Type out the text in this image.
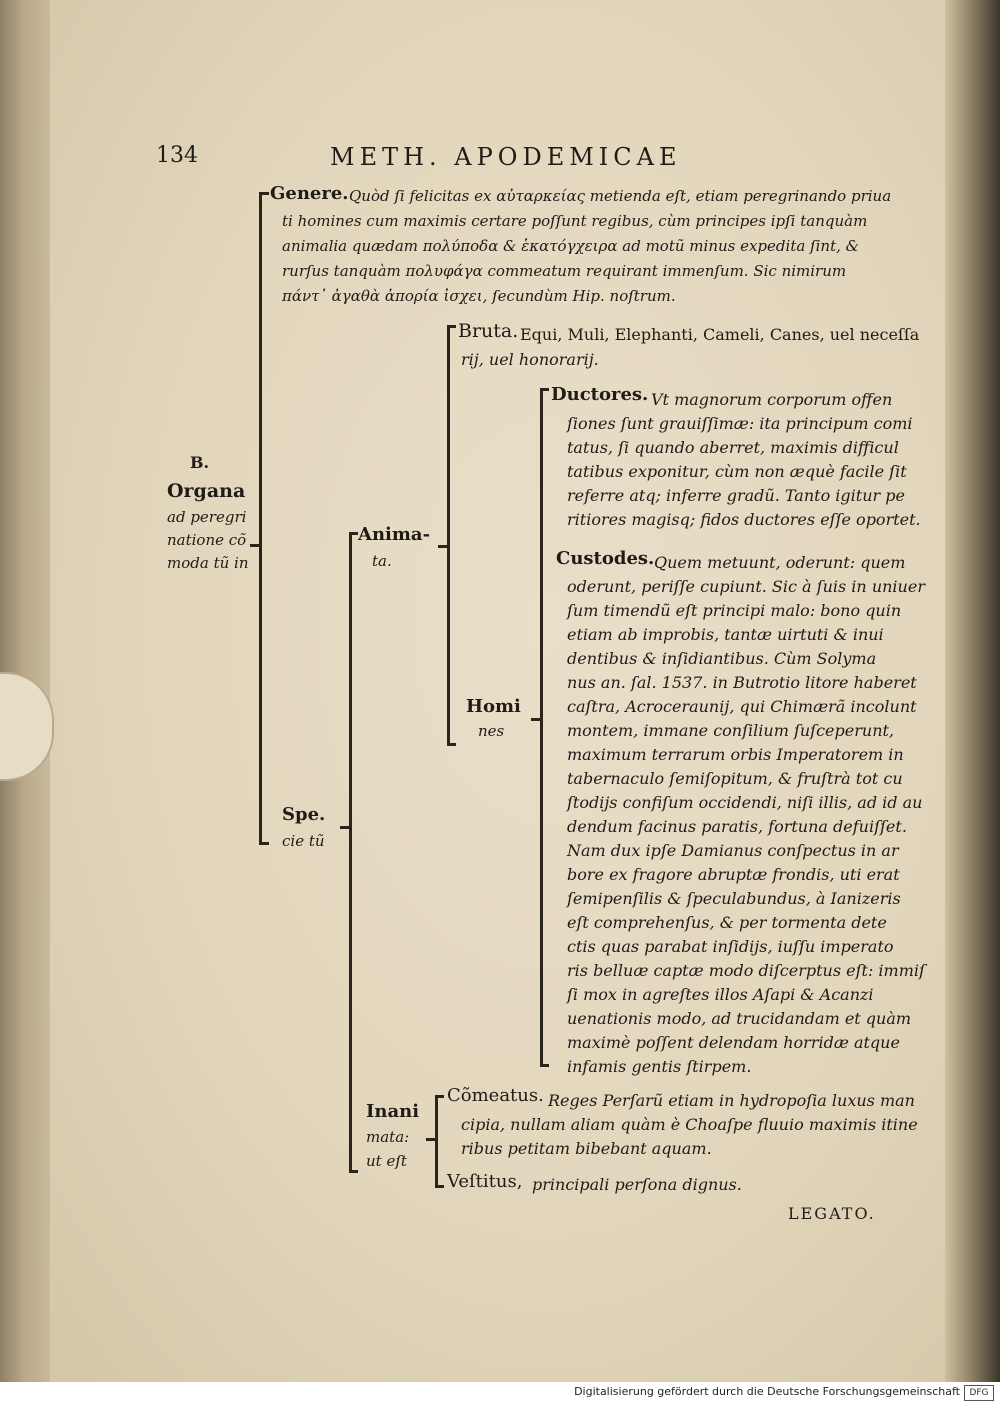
134	METH. APODEMICAE
B.
Organa
ad peregri
natione cõ
moda tũ in
Genere. Quòd ſi felicitas ex αὐταρκείας metienda eſt, etiam peregrinando priua
ti homines cum maximis certare poſſunt regibus, cùm principes ipſi tanquàm
animalia quædam πολύποδα & ἑκατόγχειρα ad motũ minus expedita ſint, &
rurſus tanquàm πολυφάγα commeatum requirant immenſum. Sic nimirum
πάντ᾽ ἀγαθὰ ἀπορία ἰσχει, ſecundùm Hip. noſtrum.
Spe.
cie tũ
Anima-
ta.
Bruta. Equi, Muli, Elephanti, Cameli, Canes, uel neceſſa
rij, uel honorarij.
Homi
nes
Ductores. Vt magnorum corporum offen
ſiones ſunt grauiſſimæ: ita principum comi
tatus, ſi quando aberret, maximis difficul
tatibus exponitur, cùm non æquè facile ſit
referre atq; inferre gradũ. Tanto igitur pe
ritiores magisq; fidos ductores eſſe oportet.
Custodes. Quem metuunt, oderunt: quem
oderunt, periſſe cupiunt. Sic à ſuis in uniuer
ſum timendũ eſt principi malo: bono quin
etiam ab improbis, tantæ uirtuti & inui
dentibus & inſidiantibus. Cùm Solyma
nus an. ſal. 1537. in Butrotio litore haberet
caſtra, Acroceraunij, qui Chimærã incolunt
montem, immane conſilium ſuſceperunt,
maximum terrarum orbis Imperatorem in
tabernaculo ſemiſopitum, & fruſtrà tot cu
ſtodijs confiſum occidendi, niſi illis, ad id au
dendum facinus paratis, fortuna defuiſſet.
Nam dux ipſe Damianus conſpectus in ar
bore ex fragore abruptæ frondis, uti erat
ſemipenſilis & ſpeculabundus, à Ianizeris
eſt comprehenſus, & per tormenta dete
ctis quas parabat inſidijs, iuſſu imperato
ris belluæ captæ modo diſcerptus eſt: immiſ
ſi mox in agreſtes illos Aſapi & Acanzi
uenationis modo, ad trucidandam et quàm
maximè poſſent delendam horridæ atque
infamis gentis ſtirpem.
Inani
mata:
ut eſt
Cõmeatus. Reges Perſarũ etiam in hydropoſia luxus man
cipia, nullam aliam quàm è Choaſpe fluuio maximis itine
ribus petitam bibebant aquam.
Veſtitus, principali perſona dignus.
LEGATO.
Digitalisierung gefördert durch die Deutsche Forschungsgemeinschaft	DFG
